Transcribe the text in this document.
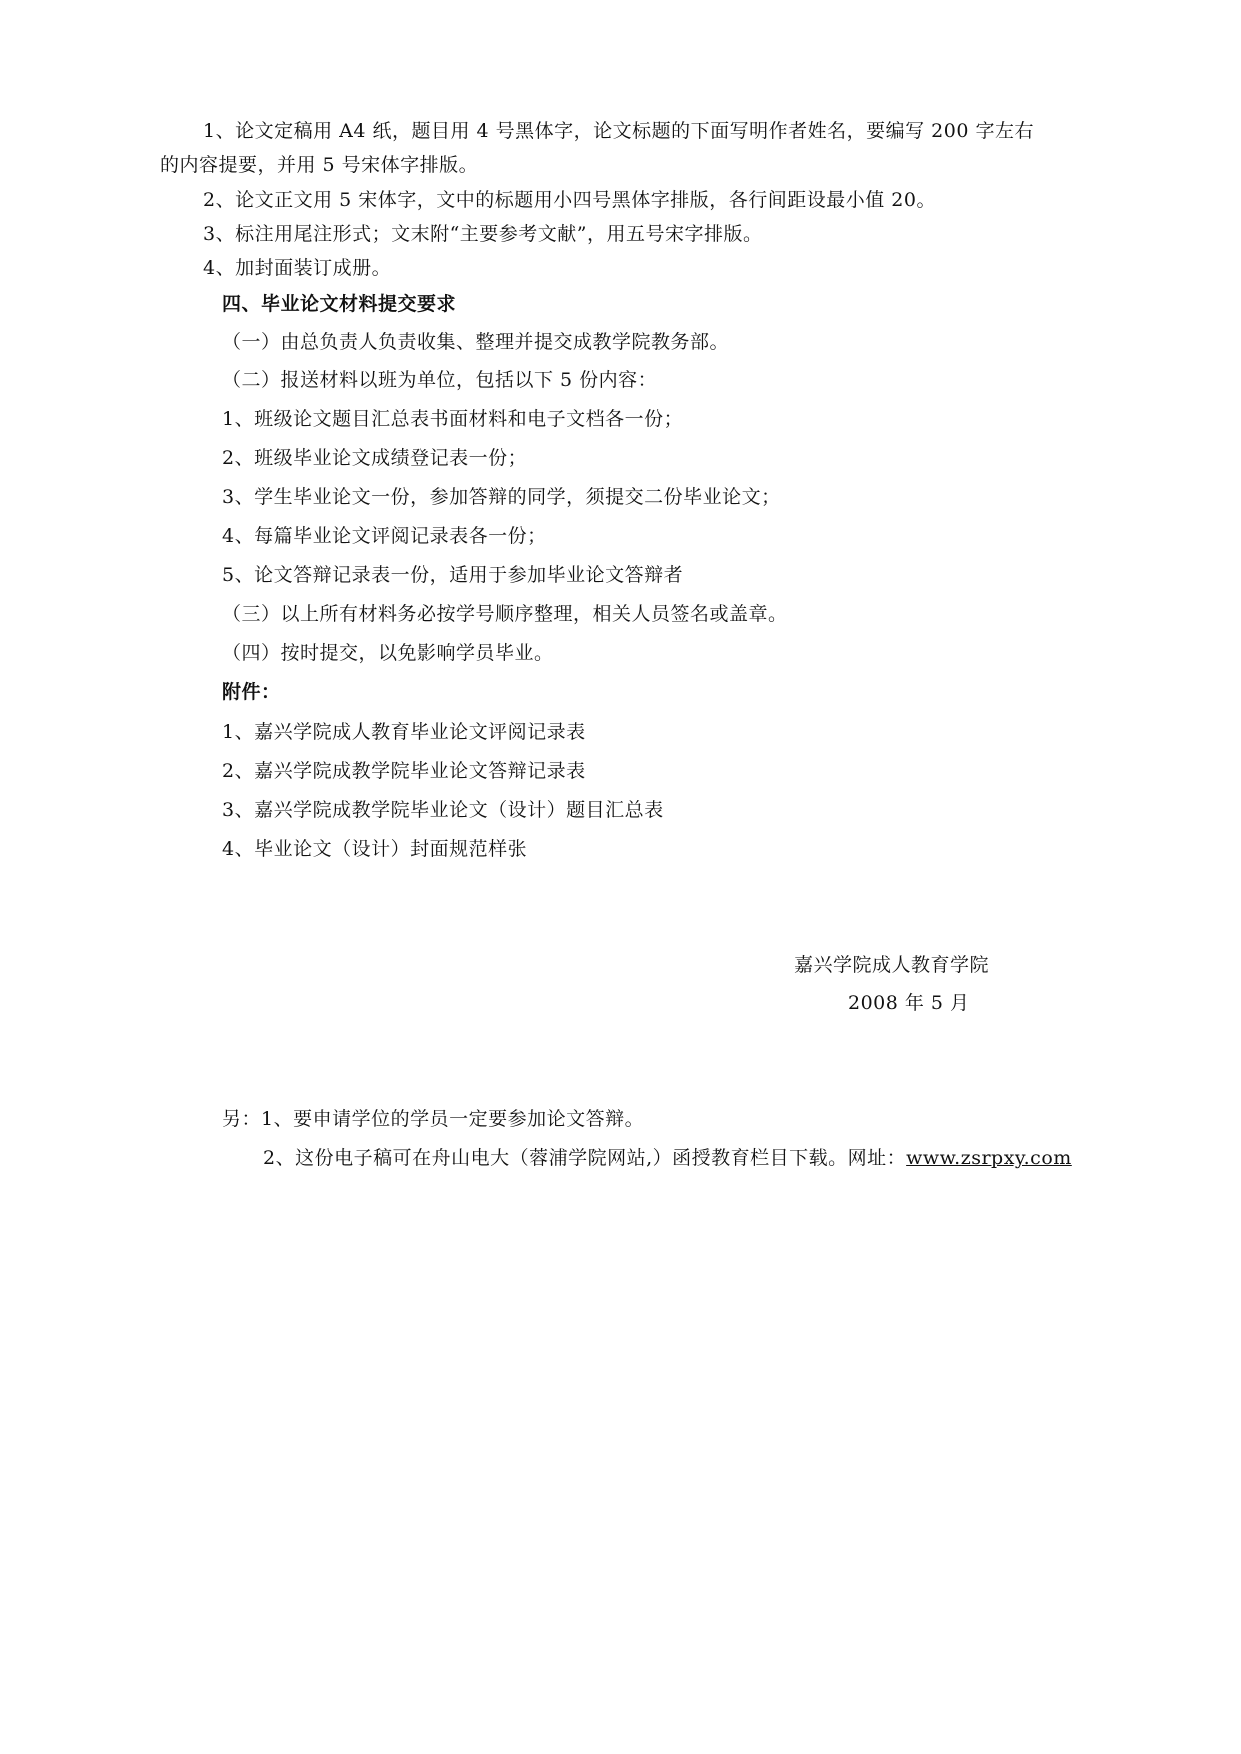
1、论文定稿用 A4 纸，题目用 4 号黑体字，论文标题的下面写明作者姓名，要编写 200 字左右
的内容提要，并用 5 号宋体字排版。
2、论文正文用 5 宋体字，文中的标题用小四号黑体字排版，各行间距设最小值 20。
3、标注用尾注形式；文末附“主要参考文献”，用五号宋字排版。
4、加封面装订成册。
四、毕业论文材料提交要求
（一）由总负责人负责收集、整理并提交成教学院教务部。
（二）报送材料以班为单位，包括以下 5 份内容：
1、班级论文题目汇总表书面材料和电子文档各一份；
2、班级毕业论文成绩登记表一份；
3、学生毕业论文一份，参加答辩的同学，须提交二份毕业论文；
4、每篇毕业论文评阅记录表各一份；
5、论文答辩记录表一份，适用于参加毕业论文答辩者
（三）以上所有材料务必按学号顺序整理，相关人员签名或盖章。
（四）按时提交，以免影响学员毕业。
附件：
1、嘉兴学院成人教育毕业论文评阅记录表
2、嘉兴学院成教学院毕业论文答辩记录表
3、嘉兴学院成教学院毕业论文（设计）题目汇总表
4、毕业论文（设计）封面规范样张
嘉兴学院成人教育学院
2008 年 5 月
另：1、要申请学位的学员一定要参加论文答辩。
2、这份电子稿可在舟山电大（蓉浦学院网站,）函授教育栏目下载。网址：www.zsrpxy.com
